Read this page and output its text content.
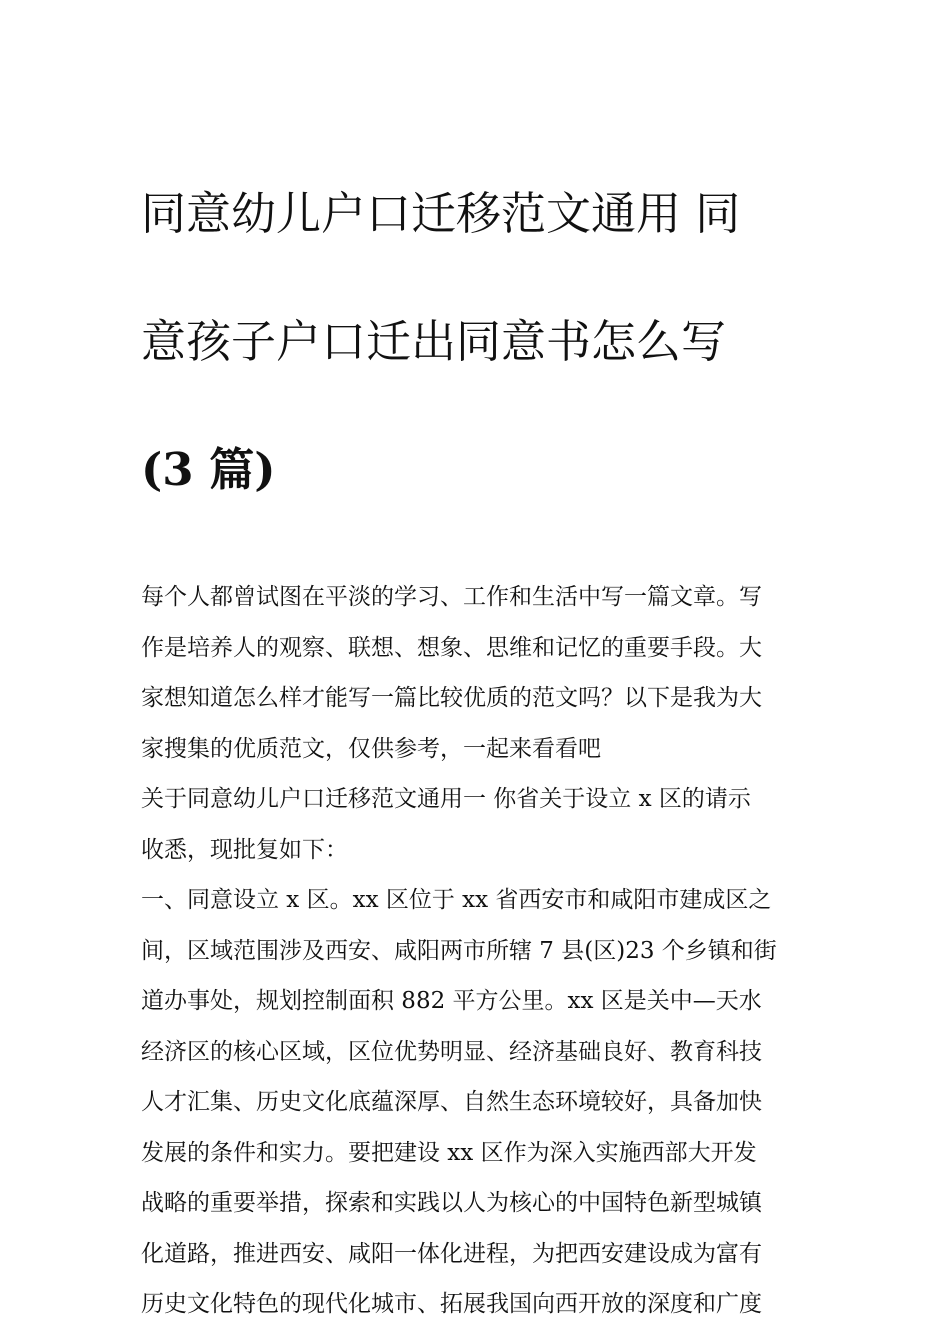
同意幼儿户口迁移范文通用 同

意孩子户口迁出同意书怎么写

(3 篇)

每个人都曾试图在平淡的学习、工作和生活中写一篇文章。写
作是培养人的观察、联想、想象、思维和记忆的重要手段。大
家想知道怎么样才能写一篇比较优质的范文吗？以下是我为大
家搜集的优质范文，仅供参考，一起来看看吧
关于同意幼儿户口迁移范文通用一 你省关于设立 x 区的请示
收悉，现批复如下：
一、同意设立 x 区。xx 区位于 xx 省西安市和咸阳市建成区之
间，区域范围涉及西安、咸阳两市所辖 7 县(区)23 个乡镇和街
道办事处，规划控制面积 882 平方公里。xx 区是关中—天水
经济区的核心区域，区位优势明显、经济基础良好、教育科技
人才汇集、历史文化底蕴深厚、自然生态环境较好，具备加快
发展的条件和实力。要把建设 xx 区作为深入实施西部大开发
战略的重要举措，探索和实践以人为核心的中国特色新型城镇
化道路，推进西安、咸阳一体化进程，为把西安建设成为富有
历史文化特色的现代化城市、拓展我国向西开放的深度和广度
